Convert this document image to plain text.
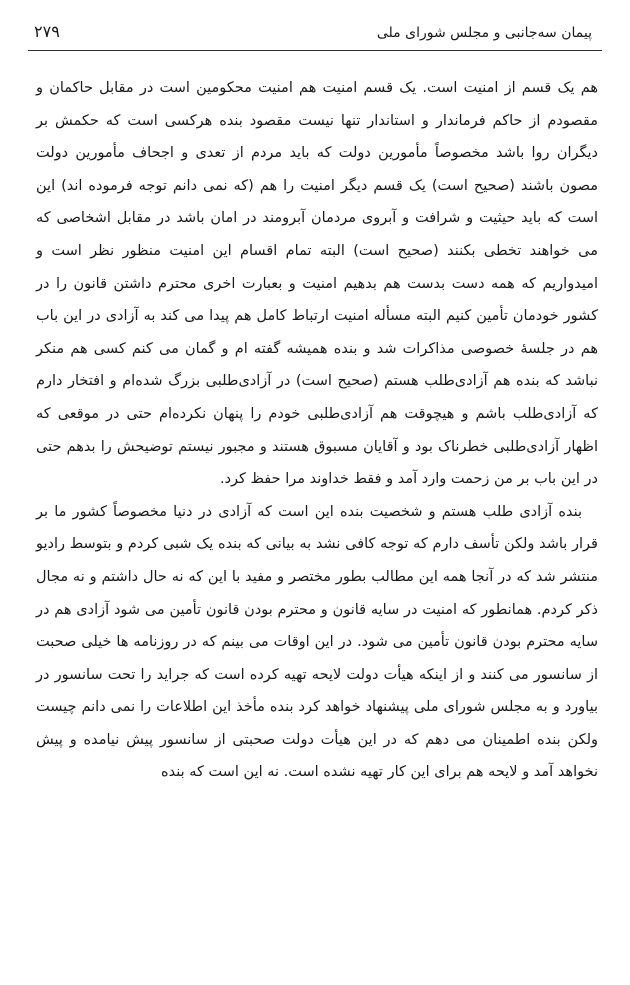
پیمان سه‌جانبی و مجلس شورای ملی
۲۷۹

هم یک قسم از امنیت است. یک قسم امنیت هم امنیت محکومین است در مقابل حاکمان و مقصودم از حاکم فرماندار و استاندار تنها نیست مقصود بنده هرکسی است که حکمش بر دیگران روا باشد مخصوصاً مأمورین دولت که باید مردم از تعدی و اجحاف مأمورین دولت مصون باشند (صحیح است) یک قسم دیگر امنیت را هم (که نمی دانم توجه فرموده اند) این است که باید حیثیت و شرافت و آبروی مردمان آبرومند در امان باشد در مقابل اشخاصی که می خواهند تخطی بکنند (صحیح است) البته تمام اقسام این امنیت منظور نظر است و امیدواریم که همه دست بدست هم بدهیم امنیت و بعبارت اخری محترم داشتن قانون را در کشور خودمان تأمین کنیم البته مسأله امنیت ارتباط کامل هم پیدا می کند به آزادی در این باب هم در جلسهٔ خصوصی مذاکرات شد و بنده همیشه گفته ام و گمان می کنم کسی هم منکر نباشد که بنده هم آزادی‌طلب هستم (صحیح است) در آزادی‌طلبی بزرگ شده‌ام و افتخار دارم که آزادی‌طلب باشم و هیچوقت هم آزادی‌طلبی خودم را پنهان نکرده‌ام حتی در موقعی که اظهار آزادی‌طلبی خطرناک بود و آقایان مسبوق هستند و مجبور نیستم توضیحش را بدهم حتی در این باب بر من زحمت وارد آمد و فقط خداوند مرا حفظ کرد.

بنده آزادی طلب هستم و شخصیت بنده این است که آزادی در دنیا مخصوصاً کشور ما بر قرار باشد ولکن تأسف دارم که توجه کافی نشد به بیانی که بنده یک شبی کردم و بتوسط رادیو منتشر شد که در آنجا همه این مطالب بطور مختصر و مفید با این که نه حال داشتم و نه مجال ذکر کردم. همانطور که امنیت در سایه قانون و محترم بودن قانون تأمین می شود آزادی هم در سایه محترم بودن قانون تأمین می شود. در این اوقات می بینم که در روزنامه ها خیلی صحبت از سانسور می کنند و از اینکه هیأت دولت لایحه تهیه کرده است که جراید را تحت سانسور در بیاورد و به مجلس شورای ملی پیشنهاد خواهد کرد بنده مأخذ این اطلاعات را نمی دانم چیست ولکن بنده اطمینان می دهم که در این هیأت دولت صحبتی از سانسور پیش نیامده و پیش نخواهد آمد و لایحه هم برای این کار تهیه نشده است. نه این است که بنده
